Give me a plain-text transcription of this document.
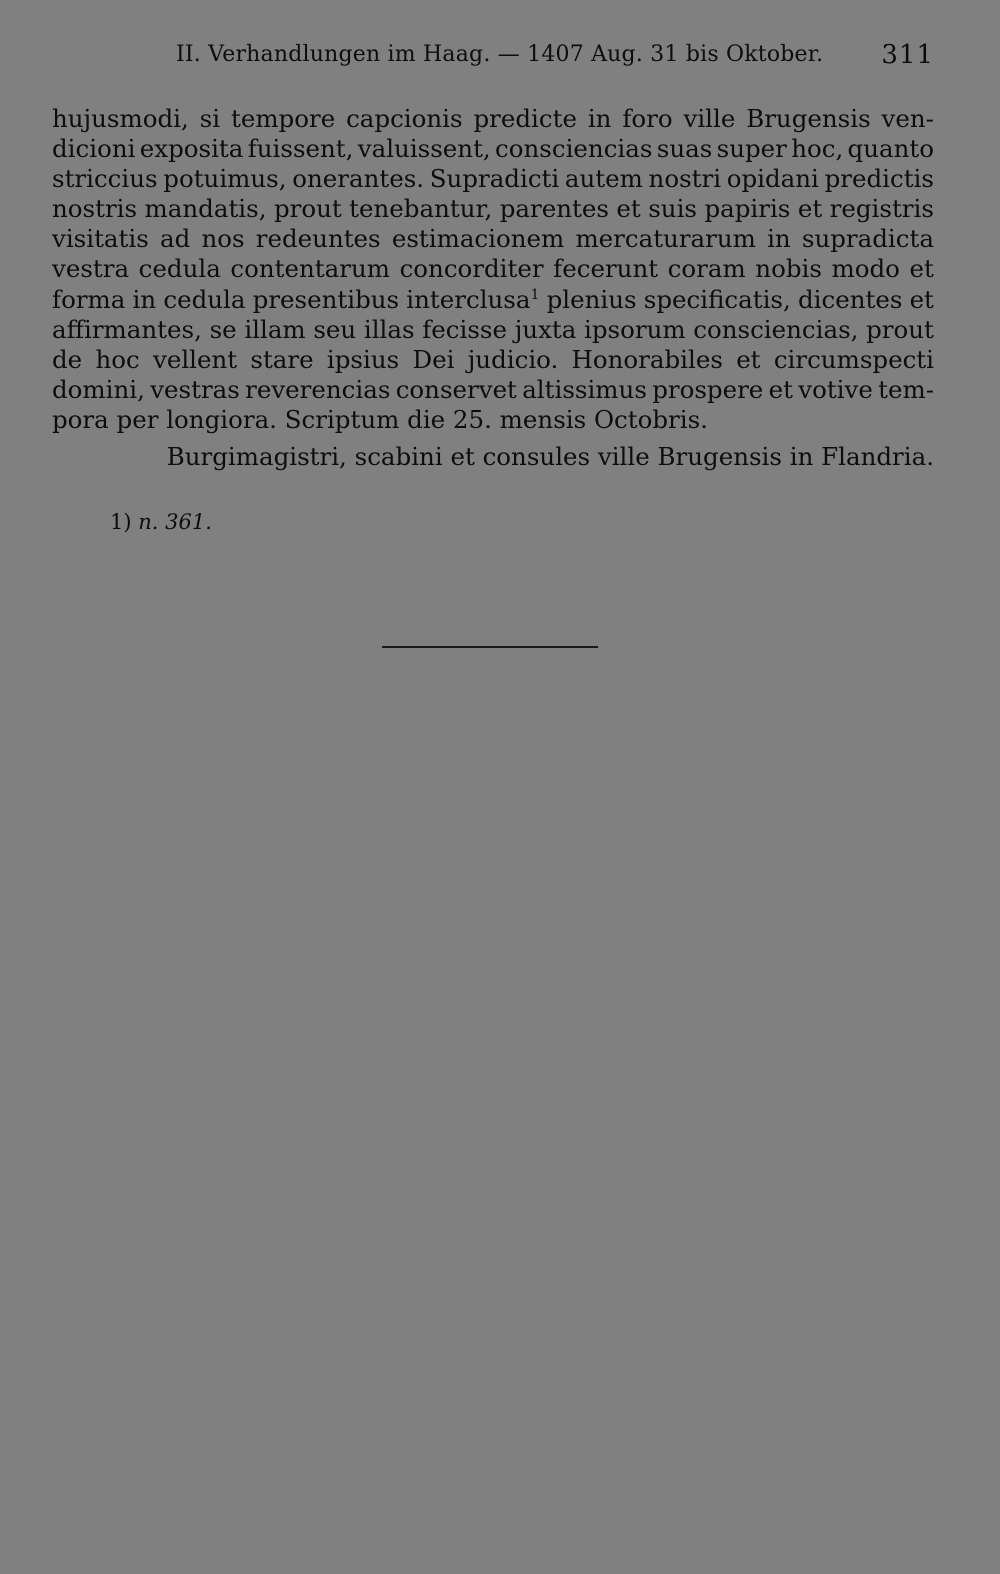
II. Verhandlungen im Haag. — 1407 Aug. 31 bis Oktober. 311
hujusmodi, si tempore capcionis predicte in foro ville Brugensis ven-
dicioni exposita fuissent, valuissent, consciencias suas super hoc, quanto
striccius potuimus, onerantes. Supradicti autem nostri opidani predictis
nostris mandatis, prout tenebantur, parentes et suis papiris et registris
visitatis ad nos redeuntes estimacionem mercaturarum in supradicta
vestra cedula contentarum concorditer fecerunt coram nobis modo et
forma in cedula presentibus interclusa$^1$ plenius specificatis, dicentes et
affirmantes, se illam seu illas fecisse juxta ipsorum consciencias, prout
de hoc vellent stare ipsius Dei judicio. Honorabiles et circumspecti
domini, vestras reverencias conservet altissimus prospere et votive tem-
pora per longiora. Scriptum die 25. mensis Octobris.
Burgimagistri, scabini et consules ville Brugensis in Flandria.
1) n. 361.
